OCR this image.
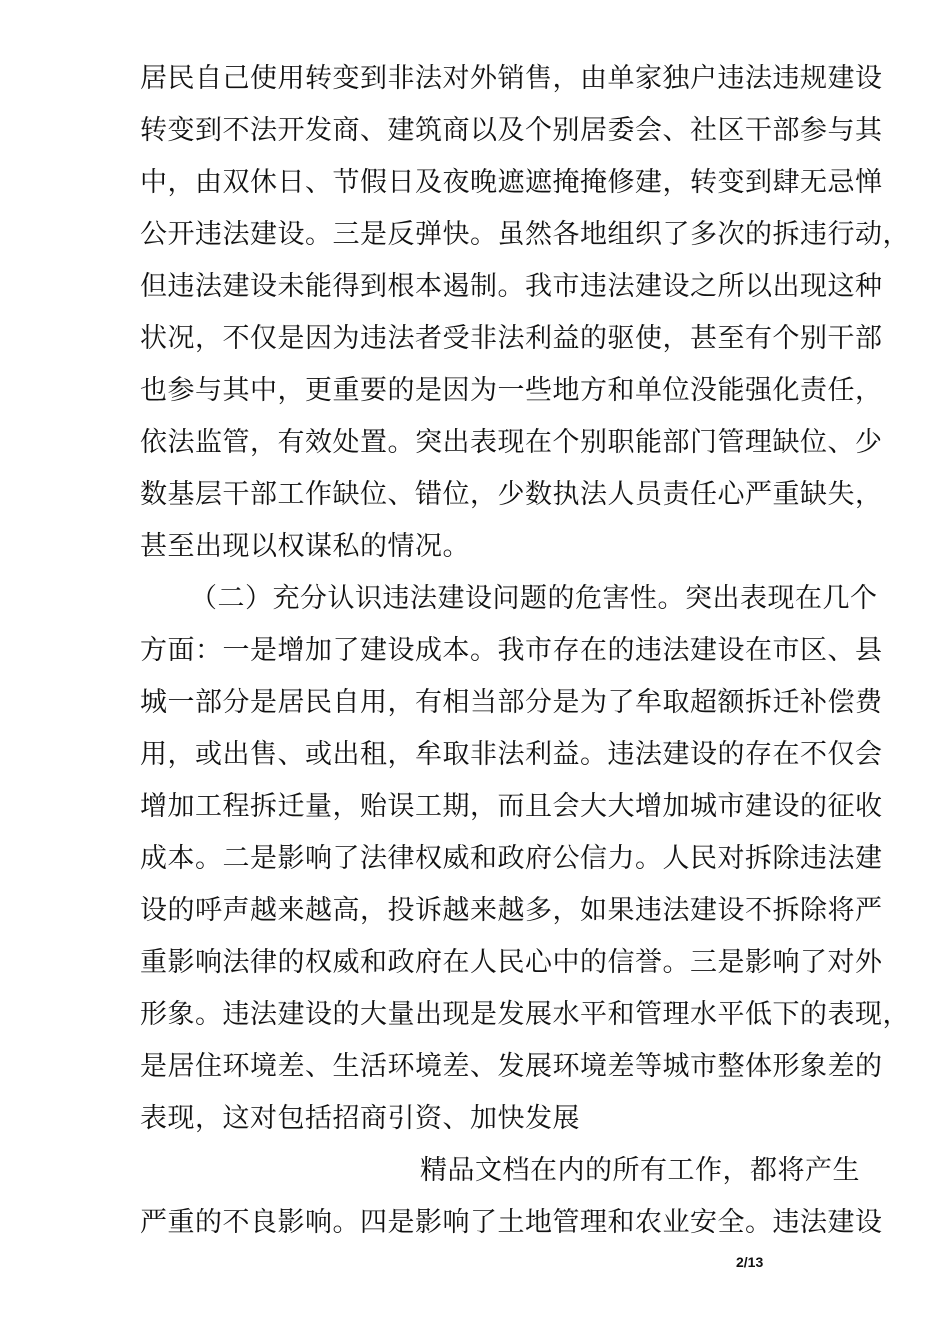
居民自己使用转变到非法对外销售，由单家独户违法违规建设
转变到不法开发商、建筑商以及个别居委会、社区干部参与其
中，由双休日、节假日及夜晚遮遮掩掩修建，转变到肆无忌惮
公开违法建设。三是反弹快。虽然各地组织了多次的拆违行动，
但违法建设未能得到根本遏制。我市违法建设之所以出现这种
状况，不仅是因为违法者受非法利益的驱使，甚至有个别干部
也参与其中，更重要的是因为一些地方和单位没能强化责任，
依法监管，有效处置。突出表现在个别职能部门管理缺位、少
数基层干部工作缺位、错位，少数执法人员责任心严重缺失，
甚至出现以权谋私的情况。
（二）充分认识违法建设问题的危害性。突出表现在几个
方面：一是增加了建设成本。我市存在的违法建设在市区、县
城一部分是居民自用，有相当部分是为了牟取超额拆迁补偿费
用，或出售、或出租，牟取非法利益。违法建设的存在不仅会
增加工程拆迁量，贻误工期，而且会大大增加城市建设的征收
成本。二是影响了法律权威和政府公信力。人民对拆除违法建
设的呼声越来越高，投诉越来越多，如果违法建设不拆除将严
重影响法律的权威和政府在人民心中的信誉。三是影响了对外
形象。违法建设的大量出现是发展水平和管理水平低下的表现，
是居住环境差、生活环境差、发展环境差等城市整体形象差的
表现，这对包括招商引资、加快发展
精品文档在内的所有工作，都将产生
严重的不良影响。四是影响了土地管理和农业安全。违法建设
2/13
